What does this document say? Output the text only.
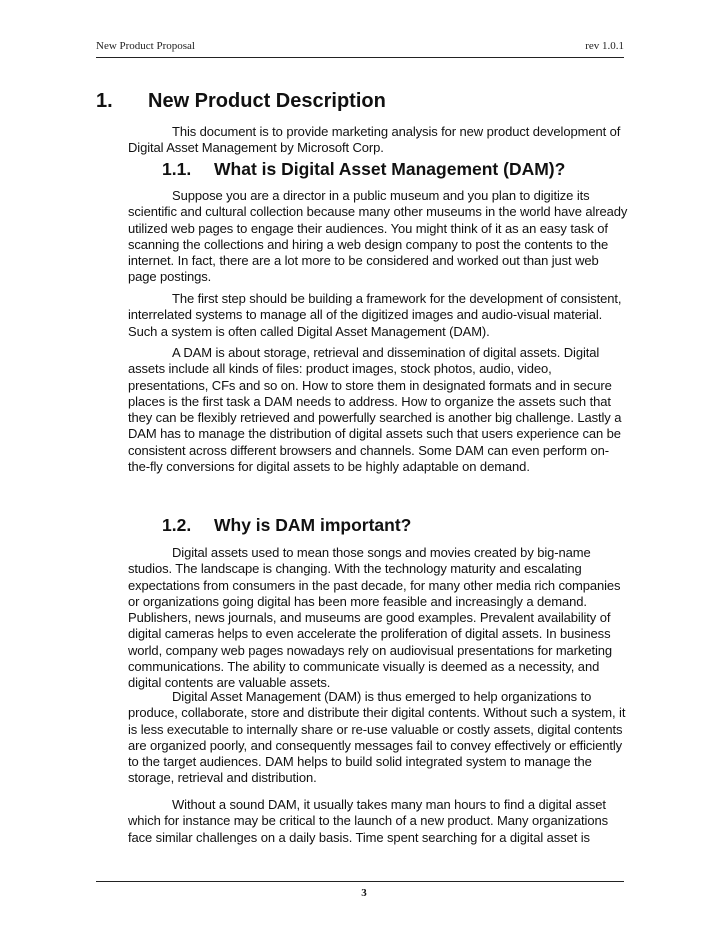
New Product Proposal	rev 1.0.1
1. New Product Description

This document is to provide marketing analysis for new product development of Digital Asset Management by Microsoft Corp.

1.1. What is Digital Asset Management (DAM)?

Suppose you are a director in a public museum and you plan to digitize its scientific and cultural collection because many other museums in the world have already utilized web pages to engage their audiences. You might think of it as an easy task of scanning the collections and hiring a web design company to post the contents to the internet. In fact, there are a lot more to be considered and worked out than just web page postings.

The first step should be building a framework for the development of consistent, interrelated systems to manage all of the digitized images and audio-visual material. Such a system is often called Digital Asset Management (DAM).

A DAM is about storage, retrieval and dissemination of digital assets. Digital assets include all kinds of files: product images, stock photos, audio, video, presentations, CFs and so on. How to store them in designated formats and in secure places is the first task a DAM needs to address. How to organize the assets such that they can be flexibly retrieved and powerfully searched is another big challenge. Lastly a DAM has to manage the distribution of digital assets such that users experience can be consistent across different browsers and channels. Some DAM can even perform on-the-fly conversions for digital assets to be highly adaptable on demand.

1.2. Why is DAM important?

Digital assets used to mean those songs and movies created by big-name studios. The landscape is changing. With the technology maturity and escalating expectations from consumers in the past decade, for many other media rich companies or organizations going digital has been more feasible and increasingly a demand. Publishers, news journals, and museums are good examples. Prevalent availability of digital cameras helps to even accelerate the proliferation of digital assets. In business world, company web pages nowadays rely on audiovisual presentations for marketing communications. The ability to communicate visually is deemed as a necessity, and digital contents are valuable assets.

Digital Asset Management (DAM) is thus emerged to help organizations to produce, collaborate, store and distribute their digital contents. Without such a system, it is less executable to internally share or re-use valuable or costly assets, digital contents are organized poorly, and consequently messages fail to convey effectively or efficiently to the target audiences. DAM helps to build solid integrated system to manage the storage, retrieval and distribution.

Without a sound DAM, it usually takes many man hours to find a digital asset which for instance may be critical to the launch of a new product. Many organizations face similar challenges on a daily basis. Time spent searching for a digital asset is

3
